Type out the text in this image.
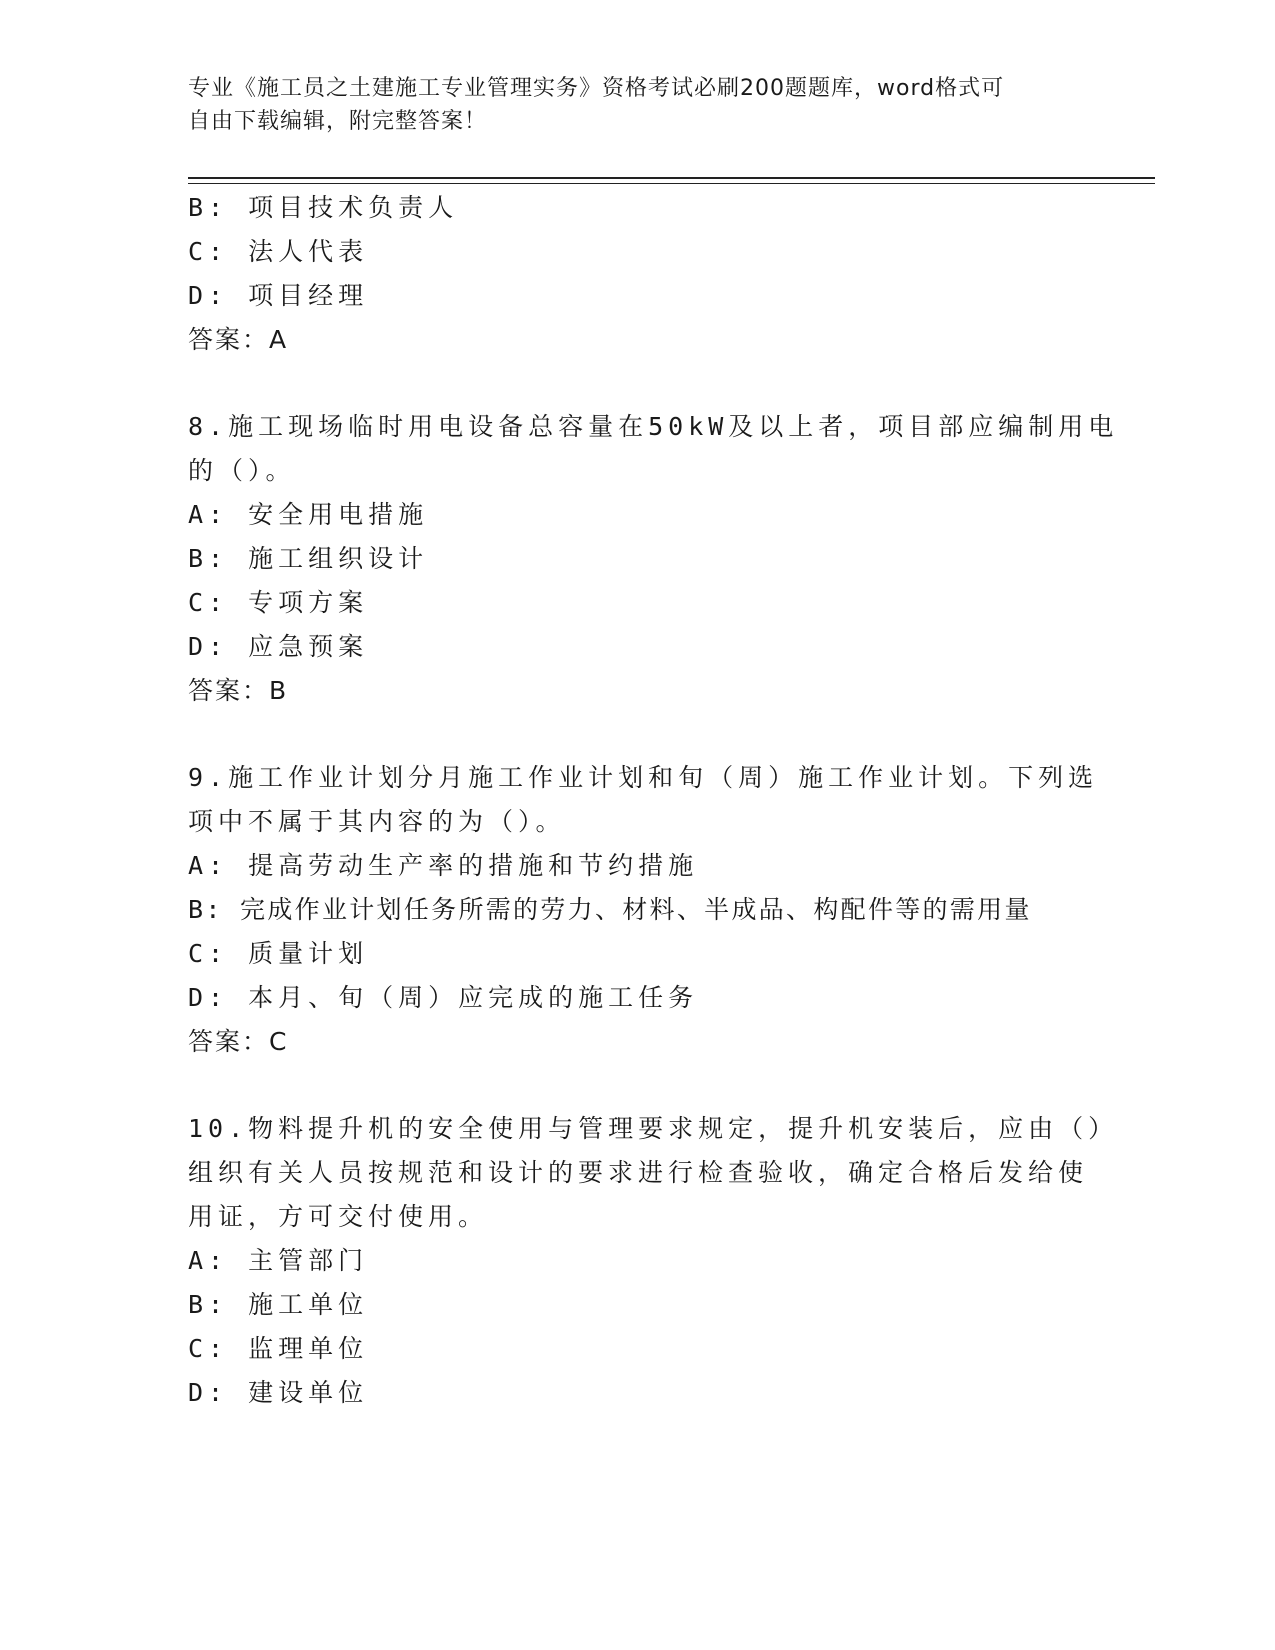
专业《施工员之土建施工专业管理实务》资格考试必刷200题题库，word格式可
自由下载编辑，附完整答案！
B: 项目技术负责人
C: 法人代表
D: 项目经理
答案：A
8.施工现场临时用电设备总容量在50kW及以上者，项目部应编制用电
的（）。
A: 安全用电措施
B: 施工组织设计
C: 专项方案
D: 应急预案
答案：B
9.施工作业计划分月施工作业计划和旬（周）施工作业计划。下列选
项中不属于其内容的为（）。
A: 提高劳动生产率的措施和节约措施
B: 完成作业计划任务所需的劳力、材料、半成品、构配件等的需用量
C: 质量计划
D: 本月、旬（周）应完成的施工任务
答案：C
10.物料提升机的安全使用与管理要求规定，提升机安装后，应由（）
组织有关人员按规范和设计的要求进行检查验收，确定合格后发给使
用证，方可交付使用。
A: 主管部门
B: 施工单位
C: 监理单位
D: 建设单位
